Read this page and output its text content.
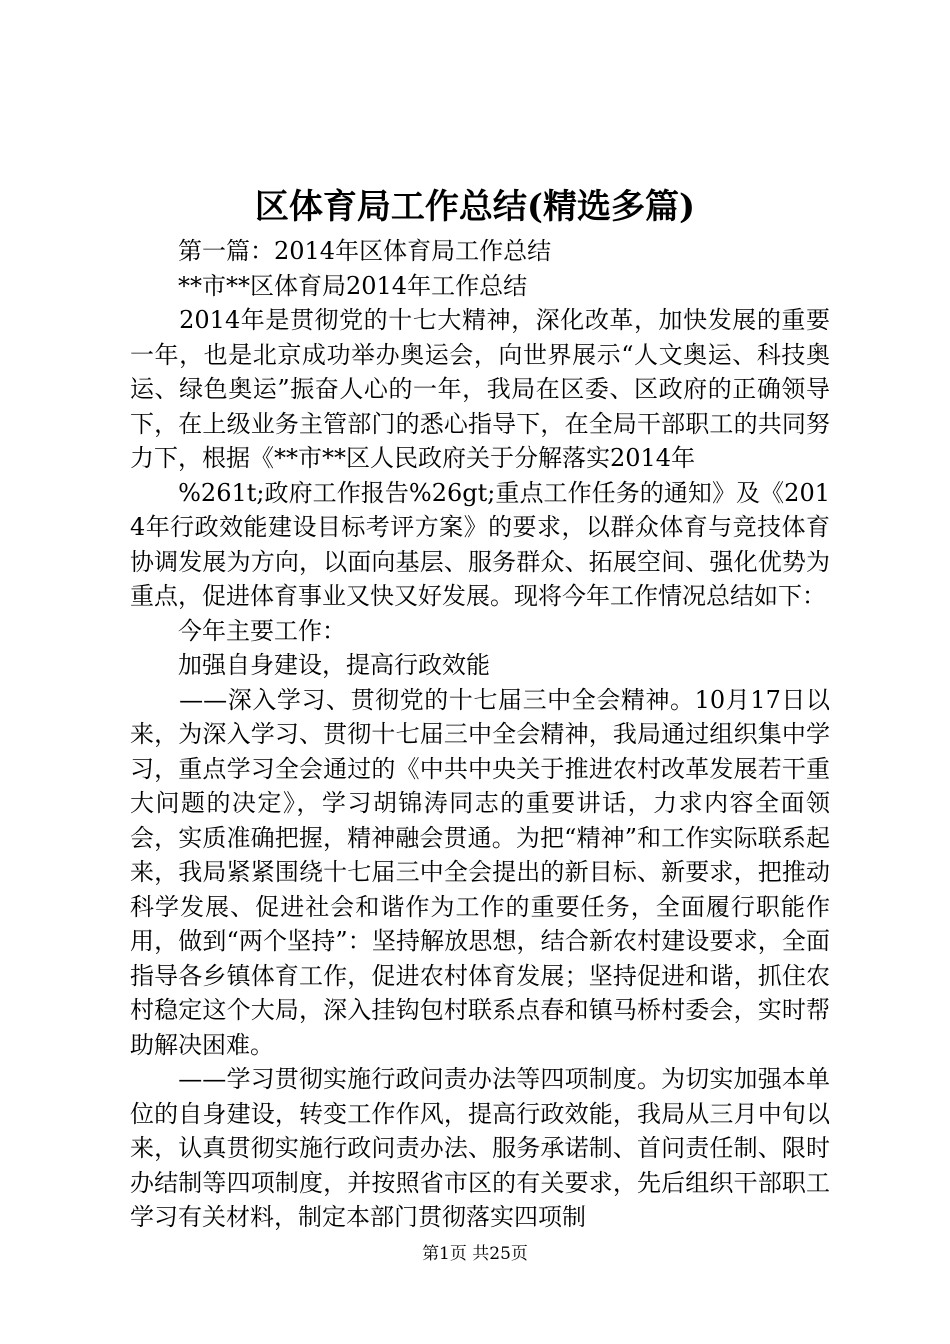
区体育局工作总结(精选多篇)

　　第一篇：2014年区体育局工作总结

　　**市**区体育局2014年工作总结

　　2014年是贯彻党的十七大精神，深化改革，加快发展的重要一年，也是北京成功举办奥运会，向世界展示“人文奥运、科技奥运、绿色奥运”振奋人心的一年，我局在区委、区政府的正确领导下，在上级业务主管部门的悉心指导下，在全局干部职工的共同努力下，根据《**市**区人民政府关于分解落实2014年

　　%261t;政府工作报告%26gt;重点工作任务的通知》及《2014年行政效能建设目标考评方案》的要求，以群众体育与竞技体育协调发展为方向，以面向基层、服务群众、拓展空间、强化优势为重点，促进体育事业又快又好发展。现将今年工作情况总结如下：

　　今年主要工作：

　　加强自身建设，提高行政效能

　　——深入学习、贯彻党的十七届三中全会精神。10月17日以来，为深入学习、贯彻十七届三中全会精神，我局通过组织集中学习，重点学习全会通过的《中共中央关于推进农村改革发展若干重大问题的决定》，学习胡锦涛同志的重要讲话，力求内容全面领会，实质准确把握，精神融会贯通。为把“精神”和工作实际联系起来，我局紧紧围绕十七届三中全会提出的新目标、新要求，把推动科学发展、促进社会和谐作为工作的重要任务，全面履行职能作用，做到“两个坚持”：坚持解放思想，结合新农村建设要求，全面指导各乡镇体育工作，促进农村体育发展；坚持促进和谐，抓住农村稳定这个大局，深入挂钩包村联系点春和镇马桥村委会，实时帮助解决困难。

　　——学习贯彻实施行政问责办法等四项制度。为切实加强本单位的自身建设，转变工作作风，提高行政效能，我局从三月中旬以来，认真贯彻实施行政问责办法、服务承诺制、首问责任制、限时办结制等四项制度，并按照省市区的有关要求，先后组织干部职工学习有关材料，制定本部门贯彻落实四项制

第1页 共25页
